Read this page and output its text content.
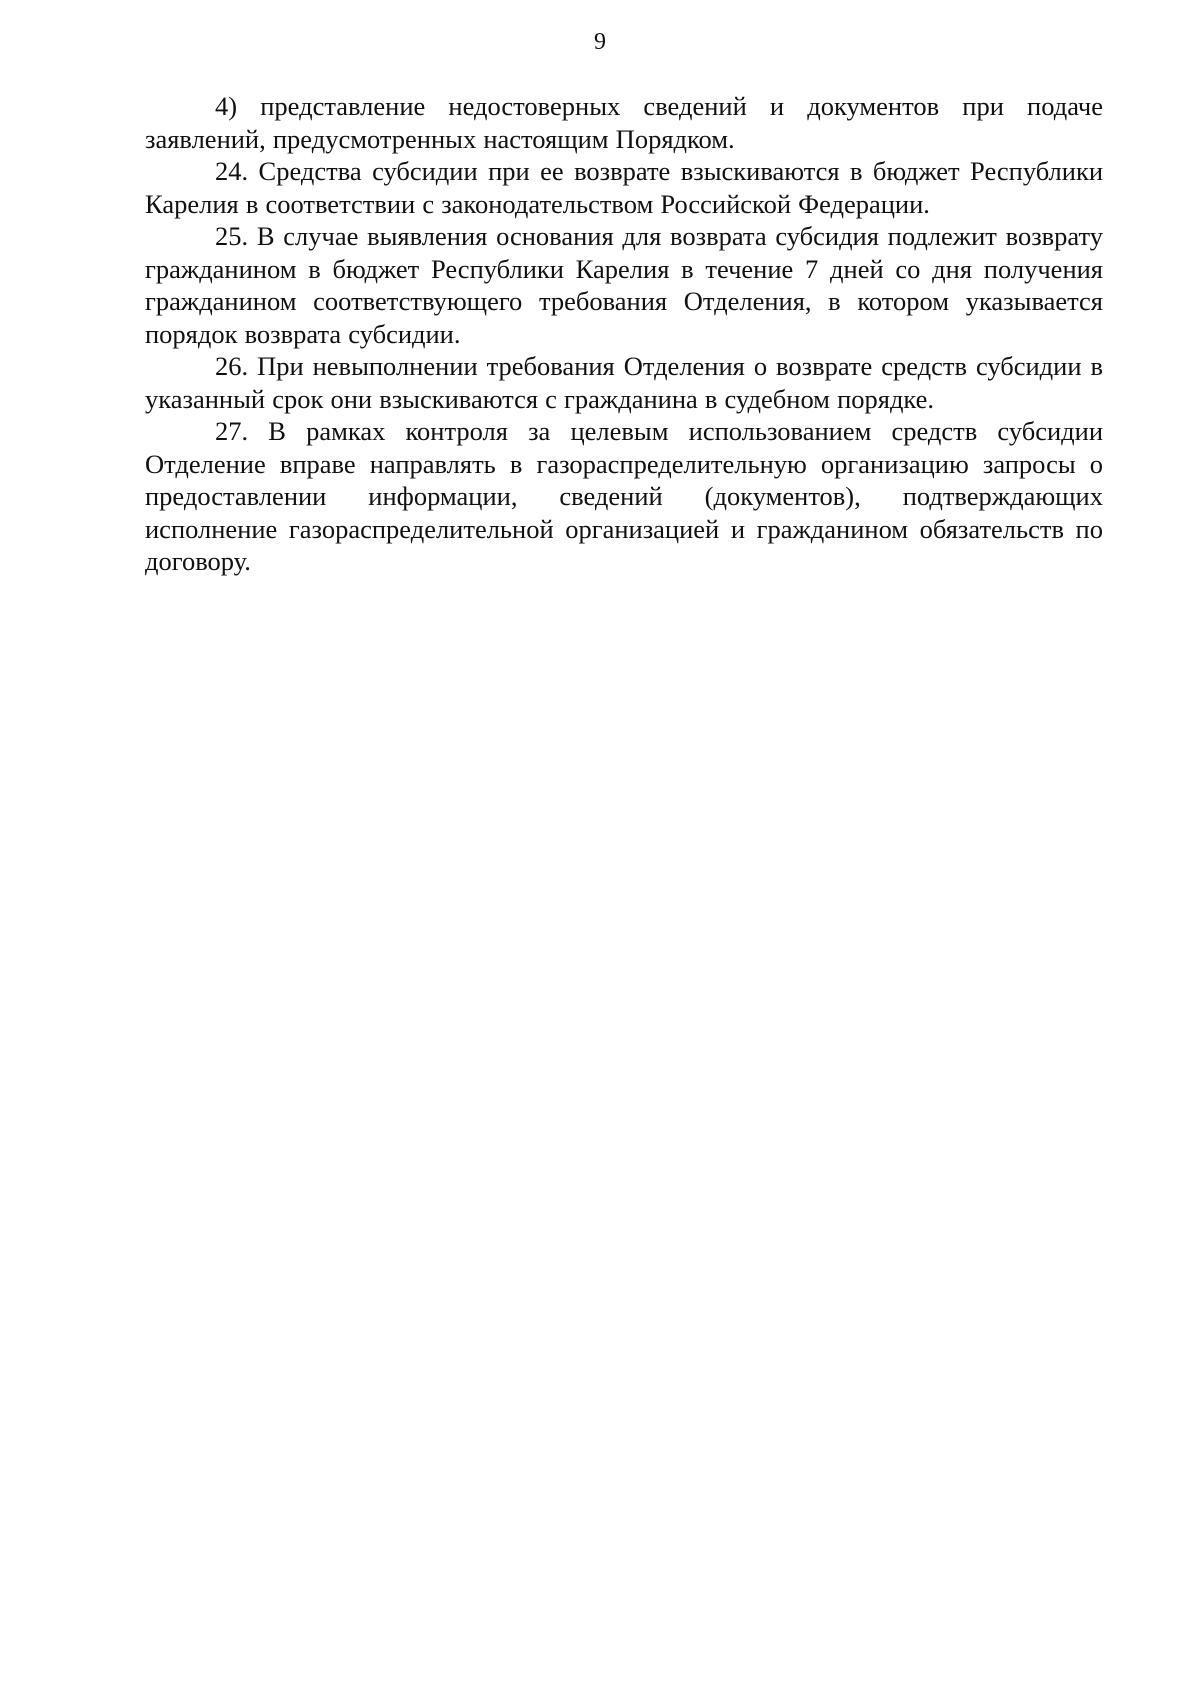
9

4) представление недостоверных сведений и документов при подаче заявлений, предусмотренных настоящим Порядком.

24. Средства субсидии при ее возврате взыскиваются в бюджет Республики Карелия в соответствии с законодательством Российской Федерации.

25. В случае выявления основания для возврата субсидия подлежит возврату гражданином в бюджет Республики Карелия в течение 7 дней со дня получения гражданином соответствующего требования Отделения, в котором указывается порядок возврата субсидии.

26. При невыполнении требования Отделения о возврате средств субсидии в указанный срок они взыскиваются с гражданина в судебном порядке.

27. В рамках контроля за целевым использованием средств субсидии Отделение вправе направлять в газораспределительную организацию запросы о предоставлении информации, сведений (документов), подтверждающих исполнение газораспределительной организацией и гражданином обязательств по договору.
